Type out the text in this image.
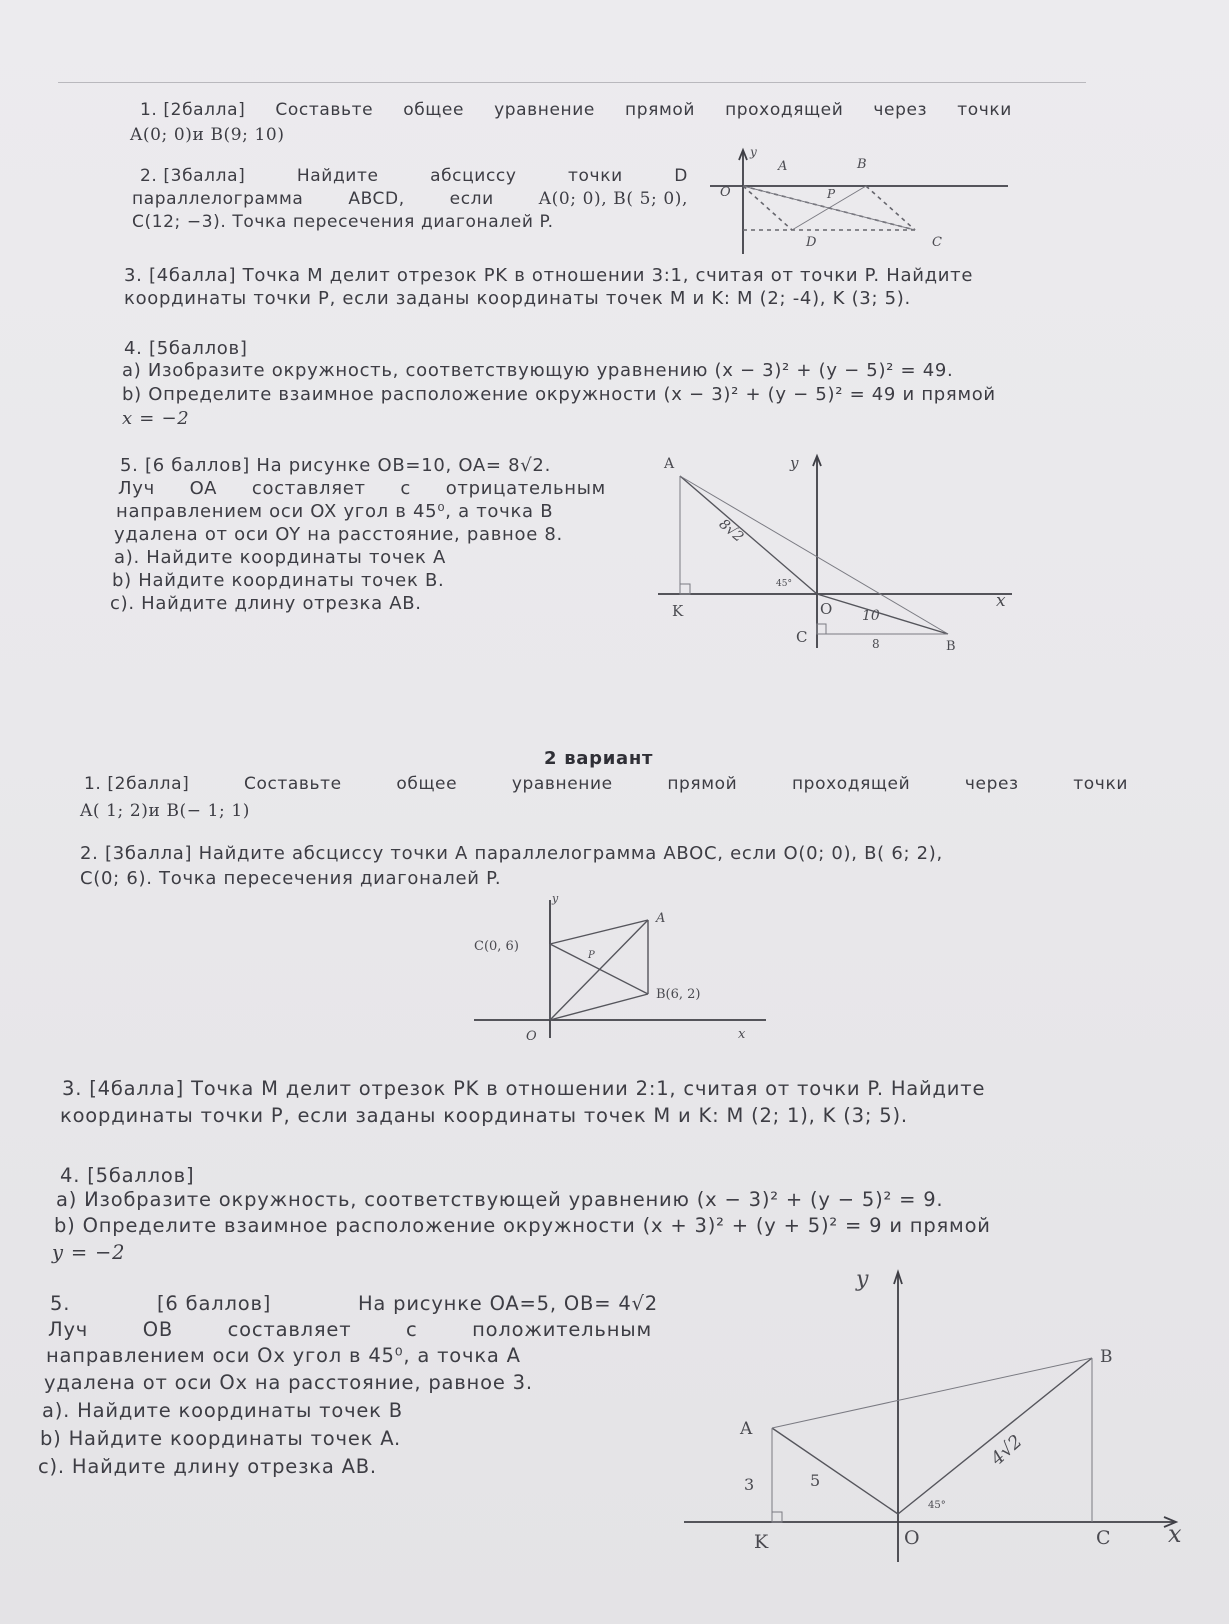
1. [2балла] Составьте общее уравнение прямой проходящей через точки
A(0; 0)и B(9; 10)
2. [3балла]	Найдите	абсциссу	точки	D
параллелограмма	ABCD,	если	A(0; 0), B( 5; 0),
C(12; −3). Точка пересечения диагоналей P.
y
O
A	B
P
D	C
3. [4балла] Точка M делит отрезок PK в отношении 3:1, считая от точки P. Найдите
координаты точки P, если заданы координаты точек M и K: M (2; -4), K (3; 5).
4. [5баллов]
a) Изобразите окружность, соответствующую уравнению (x − 3)² + (y − 5)² = 49.
b) Определите взаимное расположение окружности (x − 3)² + (y − 5)² = 49 и прямой
x = −2
5. [6 баллов] На рисунке OB=10, OA= 8√2.
Луч OA составляет с отрицательным
направлением оси OX угол в 45⁰, а точка B
удалена от оси OY на расстояние, равное 8.
a). Найдите координаты точек A
b) Найдите координаты точек B.
c). Найдите длину отрезка AB.
A	y
K	O	x
C
B
8√2
45°
10
8
2 вариант
1. [2балла]	Составьте	общее	уравнение	прямой	проходящей	через	точки
A( 1; 2)и B(− 1; 1)
2. [3балла] Найдите абсциссу точки A параллелограмма ABOC, если O(0; 0), B( 6; 2),
C(0; 6). Точка пересечения диагоналей P.
y
C(0, 6)
A
P
B(6, 2)
O	x
3. [4балла] Точка M делит отрезок PK в отношении 2:1, считая от точки P. Найдите
координаты точки P, если заданы координаты точек M и K: M (2; 1), K (3; 5).
4. [5баллов]
a) Изобразите окружность, соответствующей уравнению (x − 3)² + (y − 5)² = 9.
b) Определите взаимное расположение окружности (x + 3)² + (y + 5)² = 9 и прямой
y = −2
5.	[6 баллов]	На рисунке OA=5, OB= 4√2
Луч	OB	составляет	с	положительным
направлением оси Ox угол в 45⁰, а точка A
удалена от оси Ox на расстояние, равное 3.
a). Найдите координаты точек B
b) Найдите координаты точек A.
c). Найдите длину отрезка AB.
y
B
A
3	5
4√2
45°
K	O	C x
